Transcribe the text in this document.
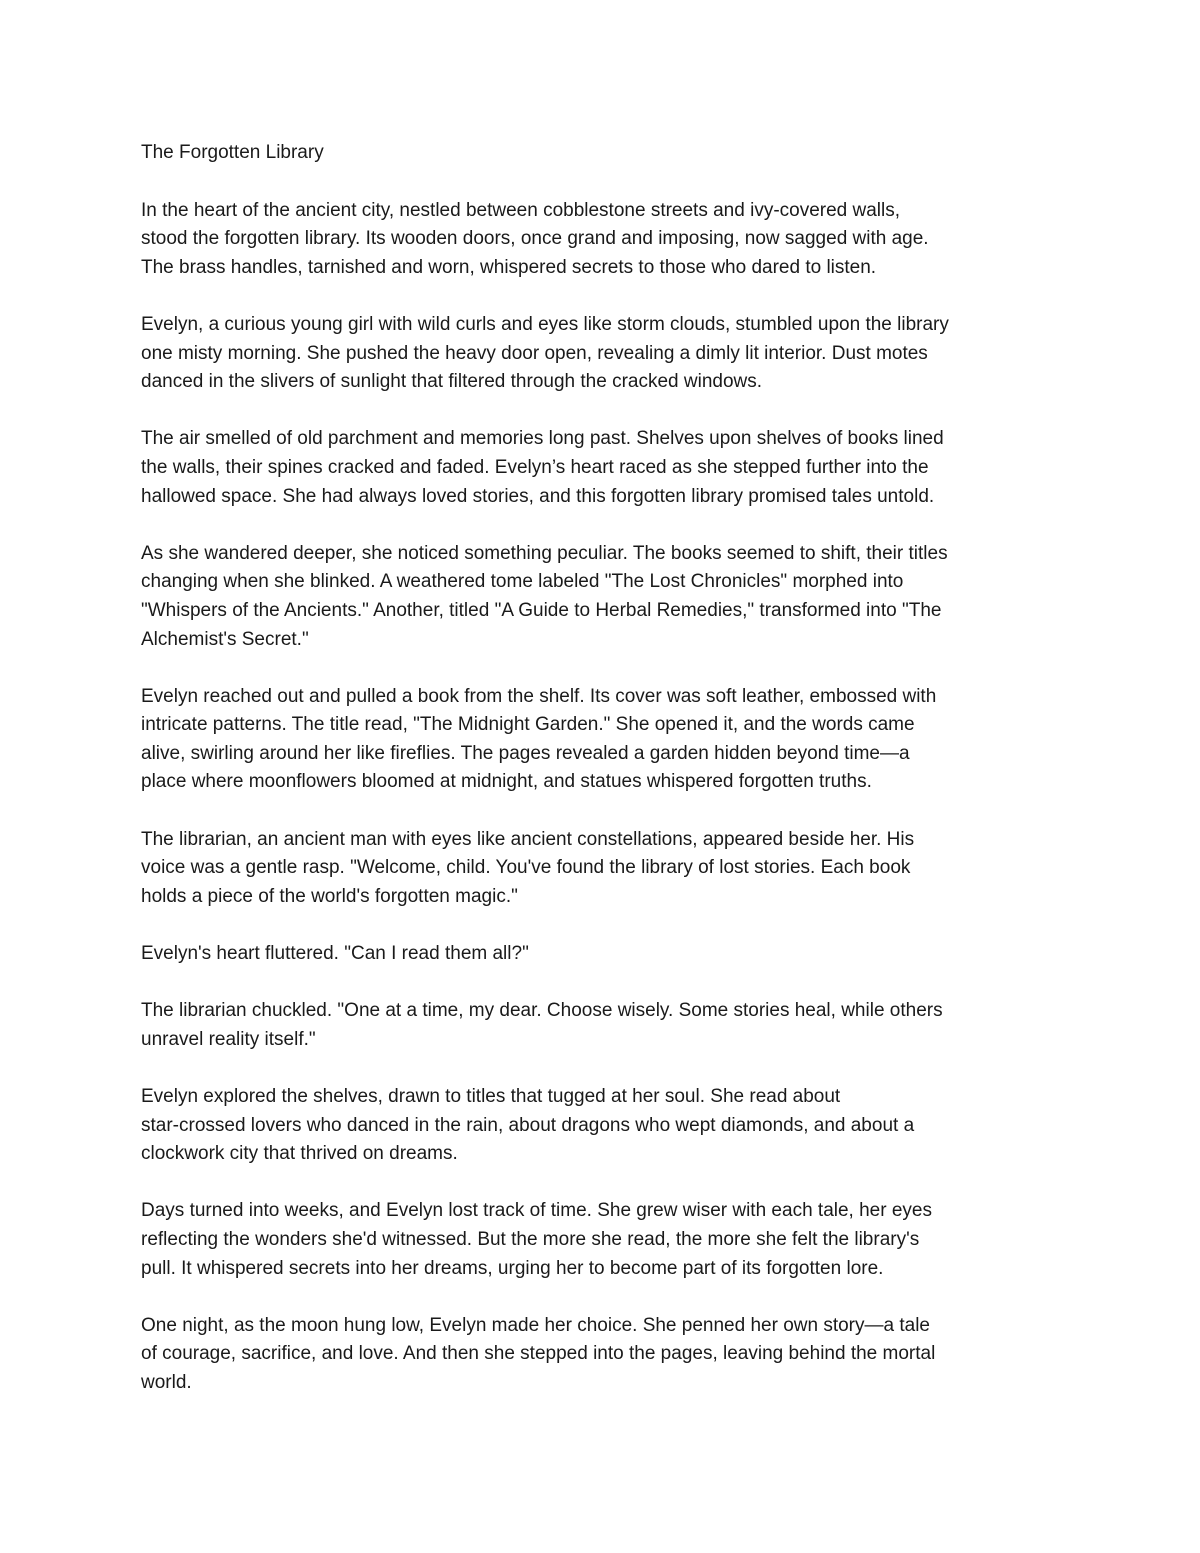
The Forgotten Library

In the heart of the ancient city, nestled between cobblestone streets and ivy-covered walls,
stood the forgotten library. Its wooden doors, once grand and imposing, now sagged with age.
The brass handles, tarnished and worn, whispered secrets to those who dared to listen.

Evelyn, a curious young girl with wild curls and eyes like storm clouds, stumbled upon the library
one misty morning. She pushed the heavy door open, revealing a dimly lit interior. Dust motes
danced in the slivers of sunlight that filtered through the cracked windows.

The air smelled of old parchment and memories long past. Shelves upon shelves of books lined
the walls, their spines cracked and faded. Evelyn’s heart raced as she stepped further into the
hallowed space. She had always loved stories, and this forgotten library promised tales untold.

As she wandered deeper, she noticed something peculiar. The books seemed to shift, their titles
changing when she blinked. A weathered tome labeled "The Lost Chronicles" morphed into
"Whispers of the Ancients." Another, titled "A Guide to Herbal Remedies," transformed into "The
Alchemist's Secret."

Evelyn reached out and pulled a book from the shelf. Its cover was soft leather, embossed with
intricate patterns. The title read, "The Midnight Garden." She opened it, and the words came
alive, swirling around her like fireflies. The pages revealed a garden hidden beyond time—a
place where moonflowers bloomed at midnight, and statues whispered forgotten truths.

The librarian, an ancient man with eyes like ancient constellations, appeared beside her. His
voice was a gentle rasp. "Welcome, child. You've found the library of lost stories. Each book
holds a piece of the world's forgotten magic."

Evelyn's heart fluttered. "Can I read them all?"

The librarian chuckled. "One at a time, my dear. Choose wisely. Some stories heal, while others
unravel reality itself."

Evelyn explored the shelves, drawn to titles that tugged at her soul. She read about
star-crossed lovers who danced in the rain, about dragons who wept diamonds, and about a
clockwork city that thrived on dreams.

Days turned into weeks, and Evelyn lost track of time. She grew wiser with each tale, her eyes
reflecting the wonders she'd witnessed. But the more she read, the more she felt the library's
pull. It whispered secrets into her dreams, urging her to become part of its forgotten lore.

One night, as the moon hung low, Evelyn made her choice. She penned her own story—a tale
of courage, sacrifice, and love. And then she stepped into the pages, leaving behind the mortal
world.
